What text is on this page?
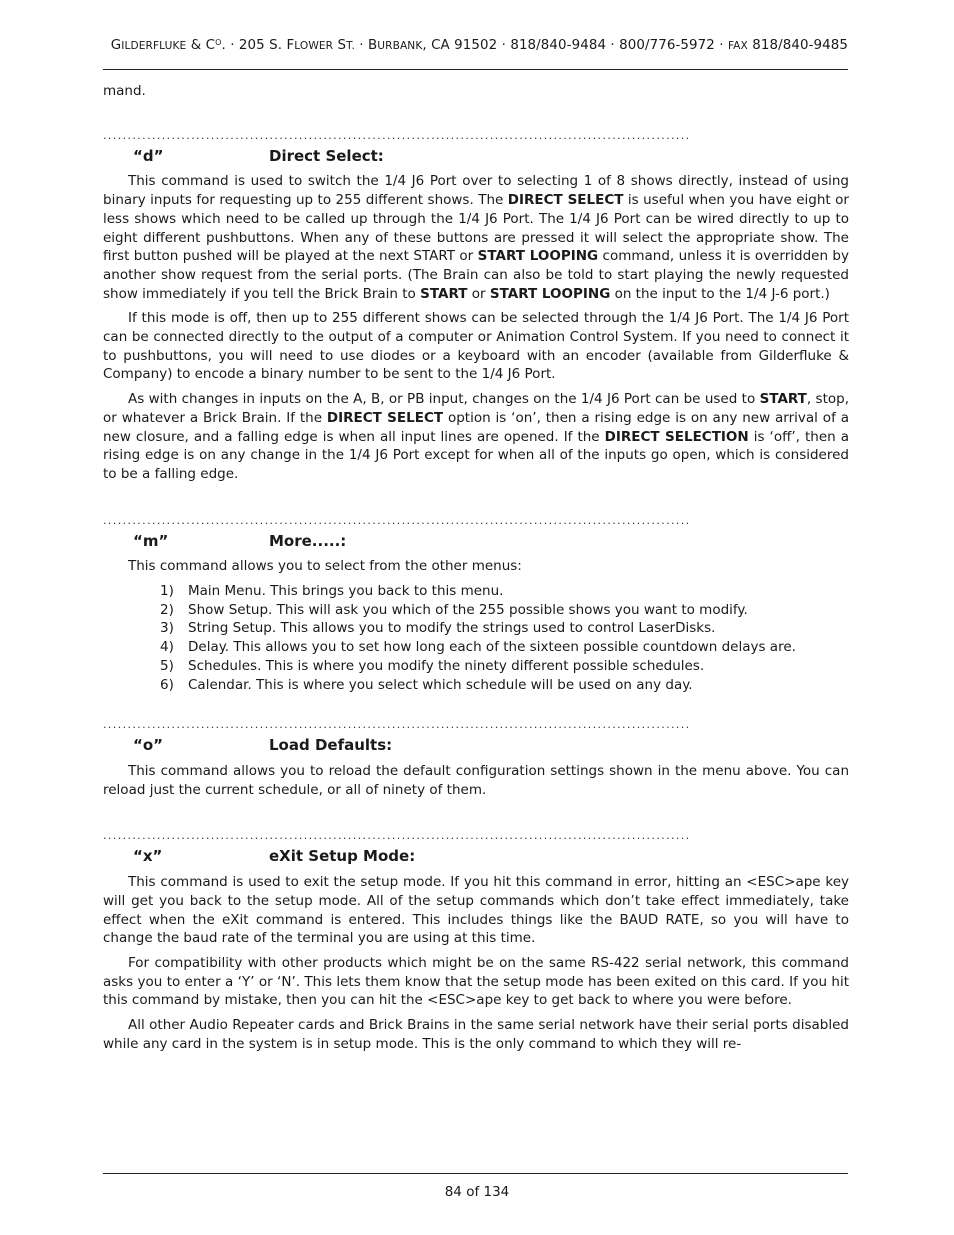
GILDERFLUKE & $C^O$. · 205 S. FLOWER ST. · BURBANK, CA 91502 · 818/840-9484 · 800/776-5972 · FAX 818/840-9485

mand.

........................................................................................................................
“d”	Direct Select:

This command is used to switch the 1/4 J6 Port over to selecting 1 of 8 shows directly, instead of using binary inputs for requesting up to 255 different shows. The DIRECT SELECT is useful when you have eight or less shows which need to be called up through the 1/4 J6 Port. The 1/4 J6 Port can be wired directly to up to eight different pushbuttons. When any of these buttons are pressed it will select the appropriate show. The first button pushed will be played at the next START or START LOOPING command, unless it is overridden by another show request from the serial ports. (The Brain can also be told to start playing the newly requested show immediately if you tell the Brick Brain to START or START LOOPING on the input to the 1/4 J-6 port.)

If this mode is off, then up to 255 different shows can be selected through the 1/4 J6 Port. The 1/4 J6 Port can be connected directly to the output of a computer or Animation Control System. If you need to connect it to pushbuttons, you will need to use diodes or a keyboard with an encoder (available from Gilderfluke & Company) to encode a binary number to be sent to the 1/4 J6 Port.

As with changes in inputs on the A, B, or PB input, changes on the 1/4 J6 Port can be used to START, stop, or whatever a Brick Brain. If the DIRECT SELECT option is ‘on’, then a rising edge is on any new arrival of a new closure, and a falling edge is when all input lines are opened. If the DIRECT SELECTION is ‘off’, then a rising edge is on any change in the 1/4 J6 Port except for when all of the inputs go open, which is considered to be a falling edge.

........................................................................................................................
“m”	More.....:

This command allows you to select from the other menus:

1)	Main Menu. This brings you back to this menu.
2)	Show Setup. This will ask you which of the 255 possible shows you want to modify.
3)	String Setup. This allows you to modify the strings used to control LaserDisks.
4)	Delay. This allows you to set how long each of the sixteen possible countdown delays are.
5)	Schedules. This is where you modify the ninety different possible schedules.
6)	Calendar. This is where you select which schedule will be used on any day.
........................................................................................................................
“o”	Load Defaults:

This command allows you to reload the default configuration settings shown in the menu above. You can reload just the current schedule, or all of ninety of them.

........................................................................................................................
“x”	eXit Setup Mode:

This command is used to exit the setup mode. If you hit this command in error, hitting an <ESC>ape key will get you back to the setup mode. All of the setup commands which don’t take effect immediately, take effect when the eXit command is entered. This includes things like the BAUD RATE, so you will have to change the baud rate of the terminal you are using at this time.

For compatibility with other products which might be on the same RS-422 serial network, this command asks you to enter a ‘Y’ or ‘N’. This lets them know that the setup mode has been exited on this card. If you hit this command by mistake, then you can hit the <ESC>ape key to get back to where you were before.

All other Audio Repeater cards and Brick Brains in the same serial network have their serial ports disabled while any card in the system is in setup mode. This is the only command to which they will re-

84 of 134
